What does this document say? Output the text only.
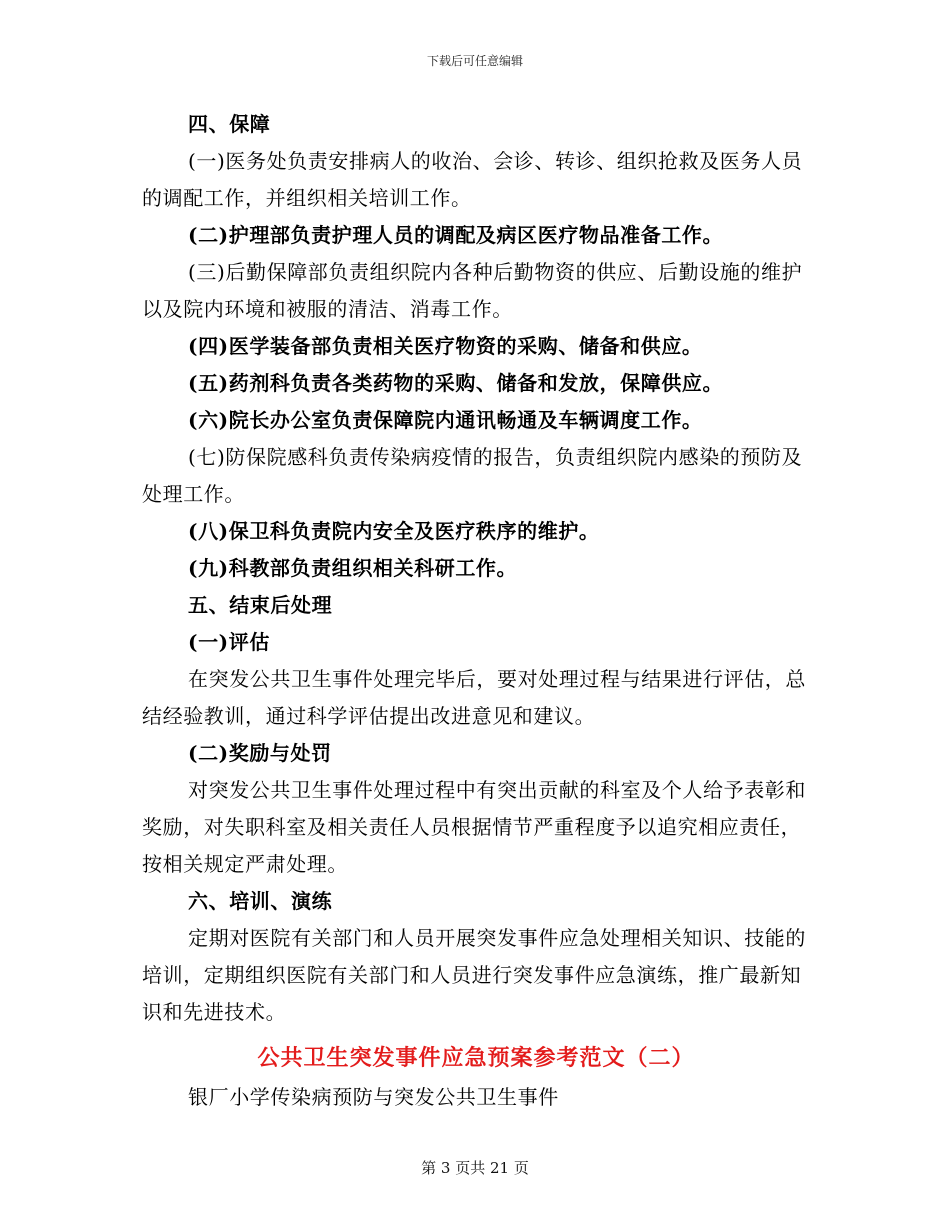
下载后可任意编辑

四、保障

(一)医务处负责安排病人的收治、会诊、转诊、组织抢救及医务人员的调配工作，并组织相关培训工作。

(二)护理部负责护理人员的调配及病区医疗物品准备工作。

(三)后勤保障部负责组织院内各种后勤物资的供应、后勤设施的维护以及院内环境和被服的清洁、消毒工作。

(四)医学装备部负责相关医疗物资的采购、储备和供应。

(五)药剂科负责各类药物的采购、储备和发放，保障供应。

(六)院长办公室负责保障院内通讯畅通及车辆调度工作。

(七)防保院感科负责传染病疫情的报告，负责组织院内感染的预防及处理工作。

(八)保卫科负责院内安全及医疗秩序的维护。

(九)科教部负责组织相关科研工作。

五、结束后处理

(一)评估

在突发公共卫生事件处理完毕后，要对处理过程与结果进行评估，总结经验教训，通过科学评估提出改进意见和建议。

(二)奖励与处罚

对突发公共卫生事件处理过程中有突出贡献的科室及个人给予表彰和奖励，对失职科室及相关责任人员根据情节严重程度予以追究相应责任，按相关规定严肃处理。

六、培训、演练

定期对医院有关部门和人员开展突发事件应急处理相关知识、技能的培训，定期组织医院有关部门和人员进行突发事件应急演练，推广最新知识和先进技术。

公共卫生突发事件应急预案参考范文（二）

银厂小学传染病预防与突发公共卫生事件

第 3 页共 21 页
